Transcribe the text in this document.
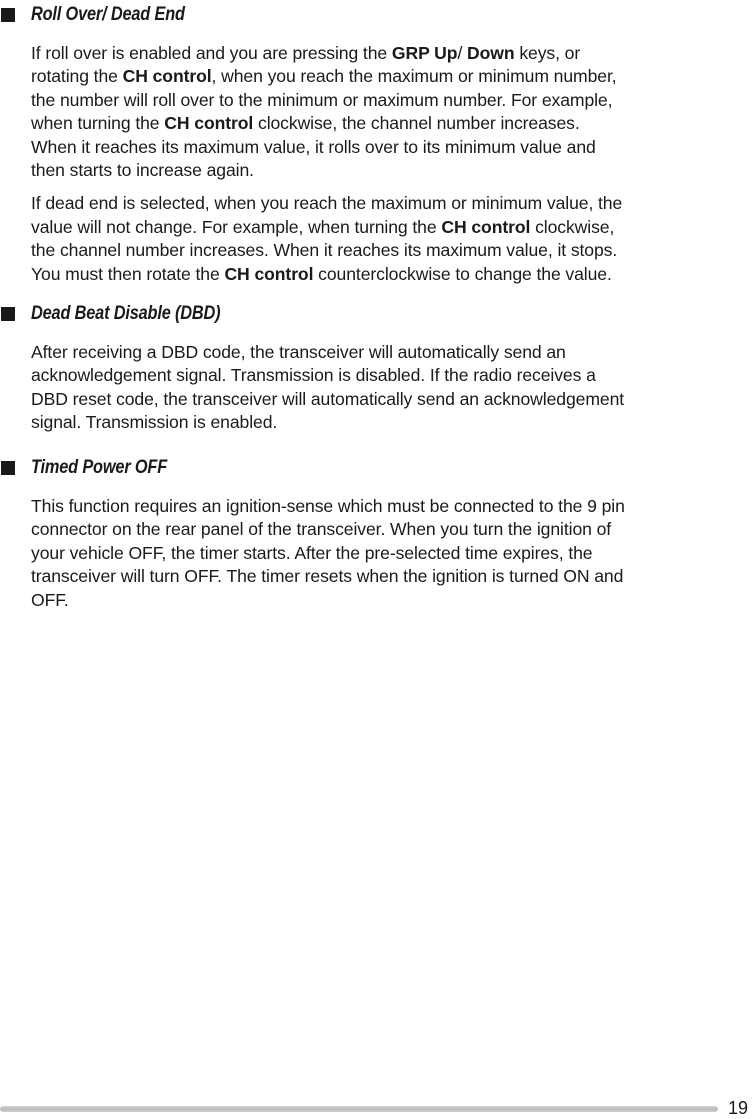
Roll Over/ Dead End

If roll over is enabled and you are pressing the GRP Up/ Down keys, or
rotating the CH control, when you reach the maximum or minimum number,
the number will roll over to the minimum or maximum number. For example,
when turning the CH control clockwise, the channel number increases.
When it reaches its maximum value, it rolls over to its minimum value and
then starts to increase again.

If dead end is selected, when you reach the maximum or minimum value, the
value will not change. For example, when turning the CH control clockwise,
the channel number increases. When it reaches its maximum value, it stops.
You must then rotate the CH control counterclockwise to change the value.

Dead Beat Disable (DBD)

After receiving a DBD code, the transceiver will automatically send an
acknowledgement signal. Transmission is disabled. If the radio receives a
DBD reset code, the transceiver will automatically send an acknowledgement
signal. Transmission is enabled.

Timed Power OFF

This function requires an ignition-sense which must be connected to the 9 pin
connector on the rear panel of the transceiver. When you turn the ignition of
your vehicle OFF, the timer starts. After the pre-selected time expires, the
transceiver will turn OFF. The timer resets when the ignition is turned ON and
OFF.

19
